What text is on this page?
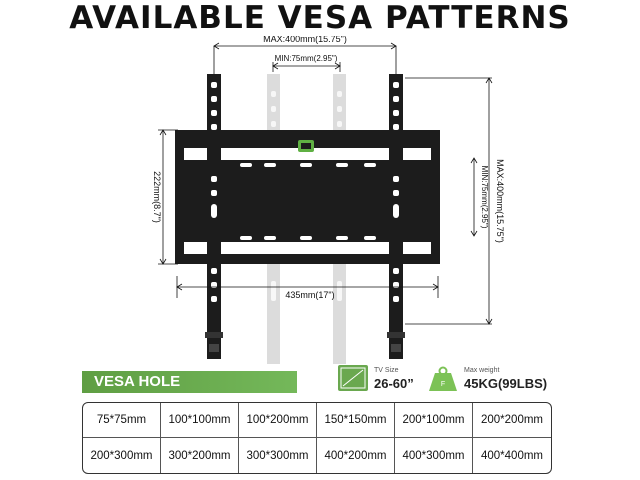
AVAILABLE VESA PATTERNS
MAX:400mm(15.75")
MIN:75mm(2.95")
222mm(8.7")
435mm(17")
MAX:400mm(15.75")
MIN:75mm(2.95")
VESA HOLE PATTERNS(mm)
TV Size
26-60”	F
Max weight
45KG(99LBS)
75*75mm	100*100mm	100*200mm	150*150mm	200*100mm	200*200mm
200*300mm	300*200mm	300*300mm	400*200mm	400*300mm	400*400mm
